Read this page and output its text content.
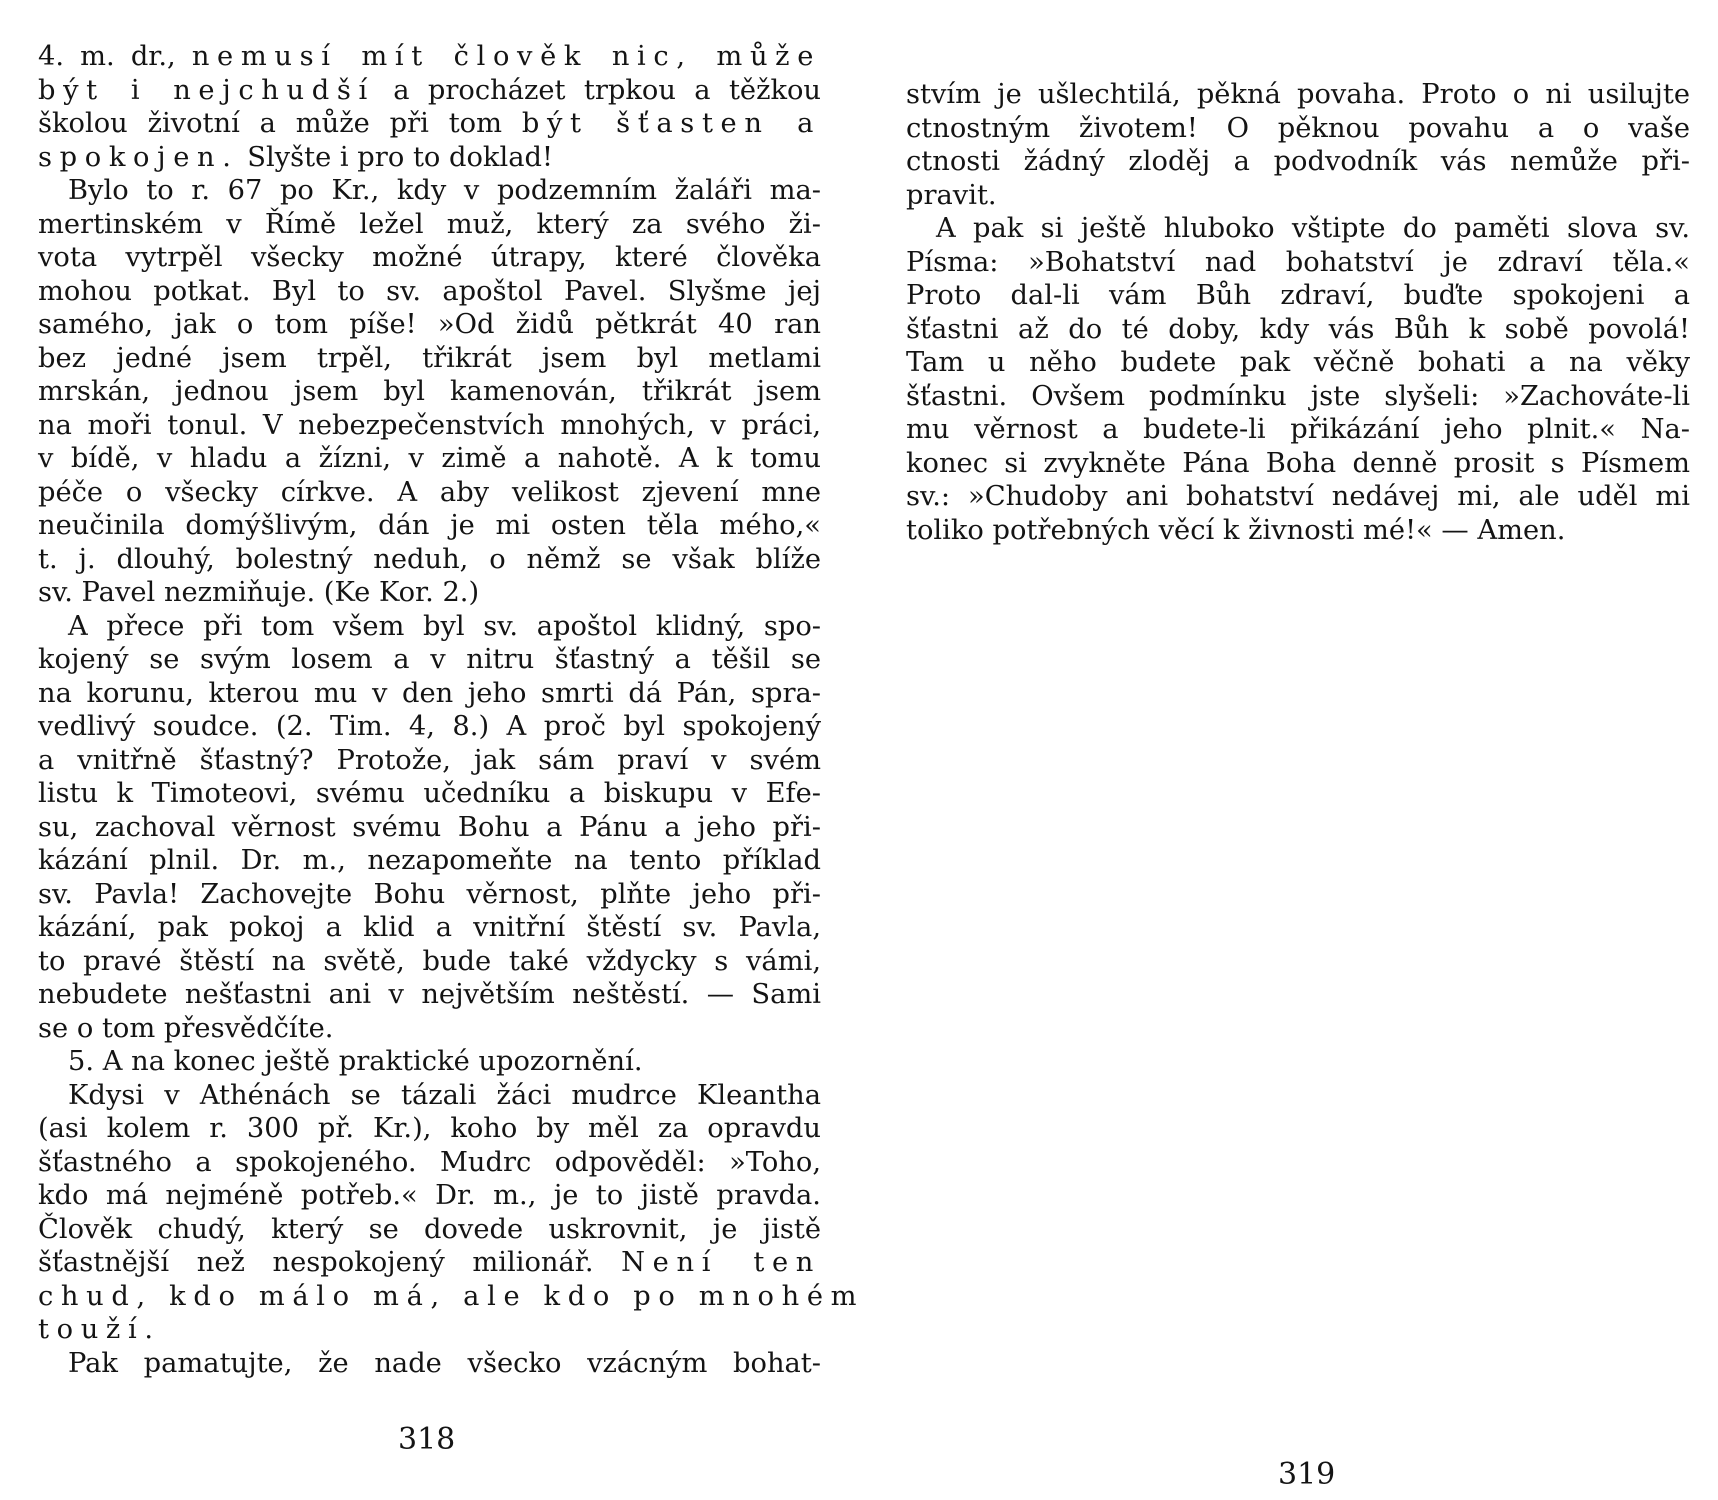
4. m. dr., nemusí mít člověk nic, může
být i nejchudší a procházet trpkou a těžkou
školou životní a může při tom být šťasten a
spokojen. Slyšte i pro to doklad!
Bylo to r. 67 po Kr., kdy v podzemním žaláři ma-
mertinském v Římě ležel muž, který za svého ži-
vota vytrpěl všecky možné útrapy, které člověka
mohou potkat. Byl to sv. apoštol Pavel. Slyšme jej
samého, jak o tom píše! »Od židů pětkrát 40 ran
bez jedné jsem trpěl, třikrát jsem byl metlami
mrskán, jednou jsem byl kamenován, třikrát jsem
na moři tonul. V nebezpečenstvích mnohých, v práci,
v bídě, v hladu a žízni, v zimě a nahotě. A k tomu
péče o všecky církve. A aby velikost zjevení mne
neučinila domýšlivým, dán je mi osten těla mého,«
t. j. dlouhý, bolestný neduh, o němž se však blíže
sv. Pavel nezmiňuje. (Ke Kor. 2.)
A přece při tom všem byl sv. apoštol klidný, spo-
kojený se svým losem a v nitru šťastný a těšil se
na korunu, kterou mu v den jeho smrti dá Pán, spra-
vedlivý soudce. (2. Tim. 4, 8.) A proč byl spokojený
a vnitřně šťastný? Protože, jak sám praví v svém
listu k Timoteovi, svému učedníku a biskupu v Efe-
su, zachoval věrnost svému Bohu a Pánu a jeho při-
kázání plnil. Dr. m., nezapomeňte na tento příklad
sv. Pavla! Zachovejte Bohu věrnost, plňte jeho při-
kázání, pak pokoj a klid a vnitřní štěstí sv. Pavla,
to pravé štěstí na světě, bude také vždycky s vámi,
nebudete nešťastni ani v největším neštěstí. — Sami
se o tom přesvědčíte.
5. A na konec ještě praktické upozornění.
Kdysi v Athénách se tázali žáci mudrce Kleantha
(asi kolem r. 300 př. Kr.), koho by měl za opravdu
šťastného a spokojeného. Mudrc odpověděl: »Toho,
kdo má nejméně potřeb.« Dr. m., je to jistě pravda.
Člověk chudý, který se dovede uskrovnit, je jistě
šťastnější než nespokojený milionář. Není ten
chud, kdo málo má, ale kdo po mnohém
touží.
Pak pamatujte, že nade všecko vzácným bohat-
318
stvím je ušlechtilá, pěkná povaha. Proto o ni usilujte
ctnostným životem! O pěknou povahu a o vaše
ctnosti žádný zloděj a podvodník vás nemůže při-
pravit.
A pak si ještě hluboko vštipte do paměti slova sv.
Písma: »Bohatství nad bohatství je zdraví těla.«
Proto dal-li vám Bůh zdraví, buďte spokojeni a
šťastni až do té doby, kdy vás Bůh k sobě povolá!
Tam u něho budete pak věčně bohati a na věky
šťastni. Ovšem podmínku jste slyšeli: »Zachováte-li
mu věrnost a budete-li přikázání jeho plnit.« Na-
konec si zvykněte Pána Boha denně prosit s Písmem
sv.: »Chudoby ani bohatství nedávej mi, ale uděl mi
toliko potřebných věcí k živnosti mé!« — Amen.
319
